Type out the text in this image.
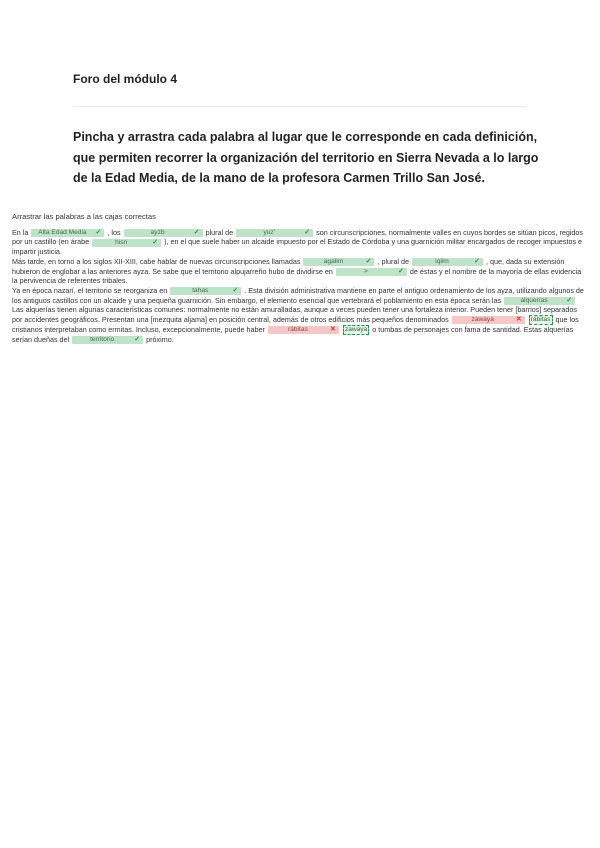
Foro del módulo 4
Pincha y arrastra cada palabra al lugar que le corresponde en cada definición, que permiten recorrer la organización del territorio en Sierra Nevada a lo largo de la Edad Media, de la mano de la profesora Carmen Trillo San José.
Arrastrar las palabras a las cajas correctas

En la Alta Edad Media ✓ , los	ayzb	✓ plural de	yuz'	✓ son circunscripciones, normalmente valles en cuyos bordes se sitúan picos, regidos por un castillo (en árabe	hisn	✓ ), en el que suele haber un alcaide impuesto por el Estado de Córdoba y una guarnición militar encargados de recoger impuestos e impartir justicia.

Más tarde, en torno a los siglos XII-XIII, cabe hablar de nuevas circunscripciones llamadas	agalim	✓ , plural de	iqlim	✓ , que, dada su extensión hubieron de englobar a las anteriores ayza. Se sabe que el territorio alpujarreño hubo de dividirse en	>	✓ de éstas y el nombre de la mayoría de ellas evidencia la pervivencia de referentes tribales.

Ya en época nazarí, el territorio se reorganiza en	tahas	✓ . Esta división administrativa mantiene en parte el antiguo ordenamiento de los ayza, utilizando algunos de los antiguos castillos con un alcaide y una pequeña guarnición. Sin embargo, el elemento esencial que vertebrará el poblamiento en esta época serán las	alquerías	✓

Las alquerías tienen algunas características comunes: normalmente no están amuralladas, aunque a veces pueden tener una fortaleza interior. Pueden tener [barrios] separados por accidentes geográficos. Presentan una [mezquita aljama] en posición central, además de otros edificios más pequeños denominados	zawaya	✕ rábitas que los cristianos interpretaban como ermitas. Incluso, excepcionalmente, puede haber	rábitas	✕ zawaya o tumbas de personajes con fama de santidad. Estas alquerías serían dueñas del	territorio	✓ próximo.
